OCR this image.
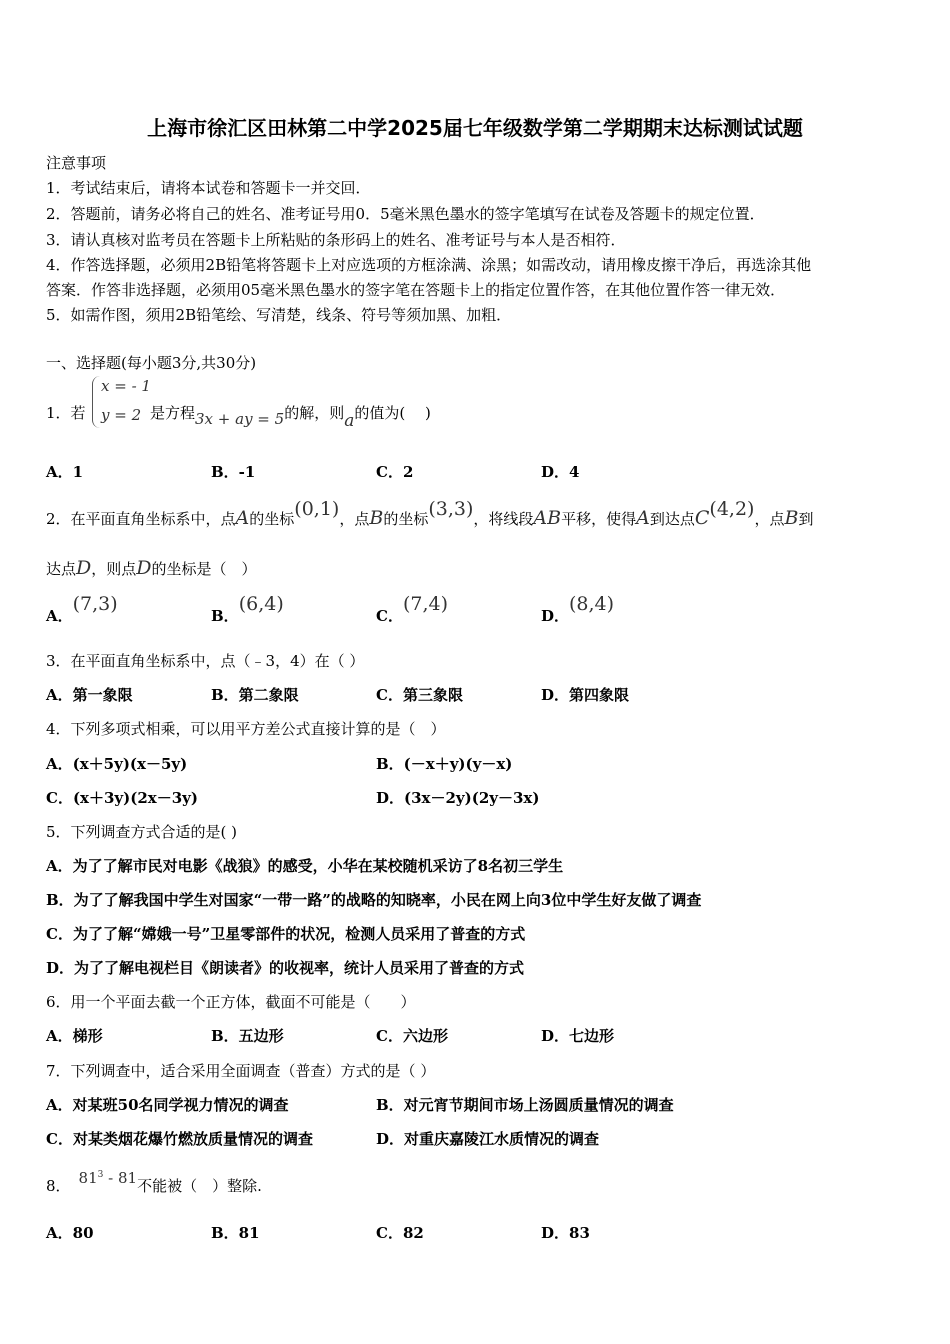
上海市徐汇区田林第二中学2025届七年级数学第二学期期末达标测试试题
注意事项
1．考试结束后，请将本试卷和答题卡一并交回．
2．答题前，请务必将自己的姓名、准考证号用0．5毫米黑色墨水的签字笔填写在试卷及答题卡的规定位置．
3．请认真核对监考员在答题卡上所粘贴的条形码上的姓名、准考证号与本人是否相符．
4．作答选择题，必须用2B铅笔将答题卡上对应选项的方框涂满、涂黑；如需改动，请用橡皮擦干净后，再选涂其他
答案．作答非选择题，必须用05毫米黑色墨水的签字笔在答题卡上的指定位置作答，在其他位置作答一律无效．
5．如需作图，须用2B铅笔绘、写清楚，线条、符号等须加黑、加粗．
一、选择题(每小题3分,共30分)
1．若
x = - 1
y = 2 是方程3x + ay = 5的解，则a的值为(　 )
A．1	B．-1	C．2	D．4
2．在平面直角坐标系中，点A的坐标(0,1)，点B的坐标(3,3)，将线段AB平移，使得A到达点C(4,2)，点B到
达点D，则点D的坐标是（　）
A．(7,3)
B．(6,4)
C．(7,4)
D．(8,4)
3．在平面直角坐标系中，点（﹣3，4）在（ ）
A．第一象限	B．第二象限	C．第三象限	D．第四象限
4．下列多项式相乘，可以用平方差公式直接计算的是（　）
A．(x＋5y)(x－5y)	B．(－x＋y)(y－x)
C．(x＋3y)(2x－3y)	D．(3x－2y)(2y－3x)
5．下列调查方式合适的是( )
A．为了了解市民对电影《战狼》的感受，小华在某校随机采访了8名初三学生
B．为了了解我国中学生对国家“一带一路”的战略的知晓率，小民在网上向3位中学生好友做了调查
C．为了了解“嫦娥一号”卫星零部件的状况，检测人员采用了普查的方式
D．为了了解电视栏目《朗读者》的收视率，统计人员采用了普查的方式
6．用一个平面去截一个正方体，截面不可能是（　　）
A．梯形	B．五边形	C．六边形	D．七边形
7．下列调查中，适合采用全面调查（普查）方式的是（ ）
A．对某班50名同学视力情况的调查	B．对元宵节期间市场上汤圆质量情况的调查
C．对某类烟花爆竹燃放质量情况的调查	D．对重庆嘉陵江水质情况的调查
8． $81^3 - 81$不能被（　）整除.
A．80	B．81	C．82	D．83
